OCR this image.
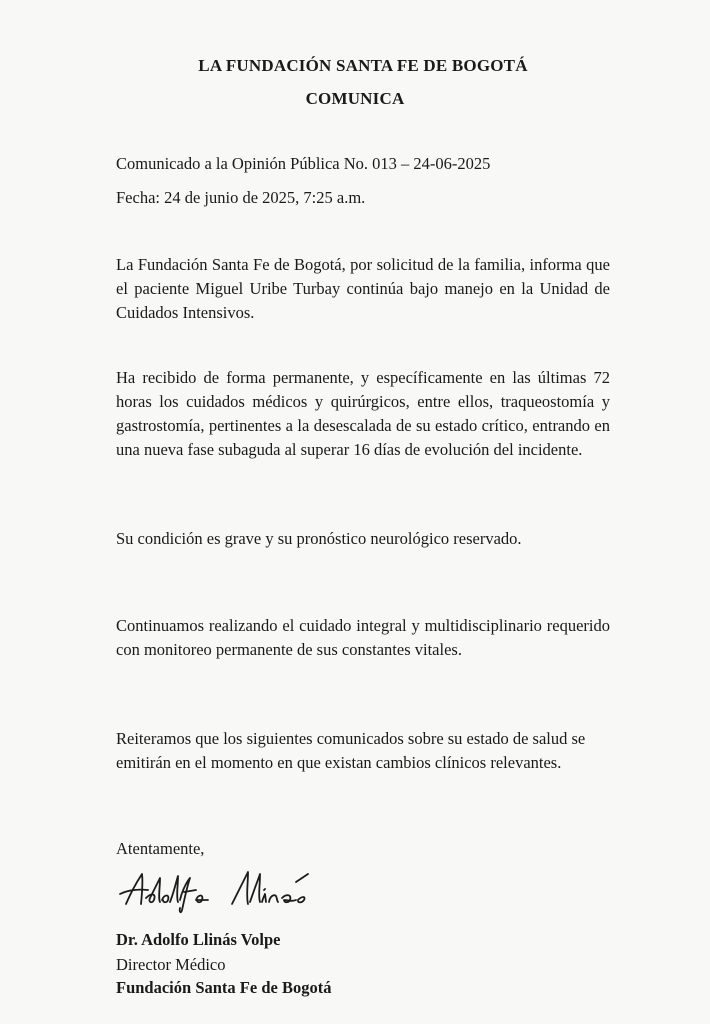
LA FUNDACIÓN SANTA FE DE BOGOTÁ
COMUNICA
Comunicado a la Opinión Pública No. 013 – 24-06-2025
Fecha: 24 de junio de 2025, 7:25 a.m.
La Fundación Santa Fe de Bogotá, por solicitud de la familia, informa que el paciente Miguel Uribe Turbay continúa bajo manejo en la Unidad de Cuidados Intensivos.
Ha recibido de forma permanente, y específicamente en las últimas 72 horas los cuidados médicos y quirúrgicos, entre ellos, traqueostomía y gastrostomía, pertinentes a la desescalada de su estado crítico, entrando en una nueva fase subaguda al superar 16 días de evolución del incidente.
Su condición es grave y su pronóstico neurológico reservado.
Continuamos realizando el cuidado integral y multidisciplinario requerido con monitoreo permanente de sus constantes vitales.
Reiteramos que los siguientes comunicados sobre su estado de salud se emitirán en el momento en que existan cambios clínicos relevantes.
Atentamente,
Dr. Adolfo Llinás Volpe
Director Médico
Fundación Santa Fe de Bogotá
